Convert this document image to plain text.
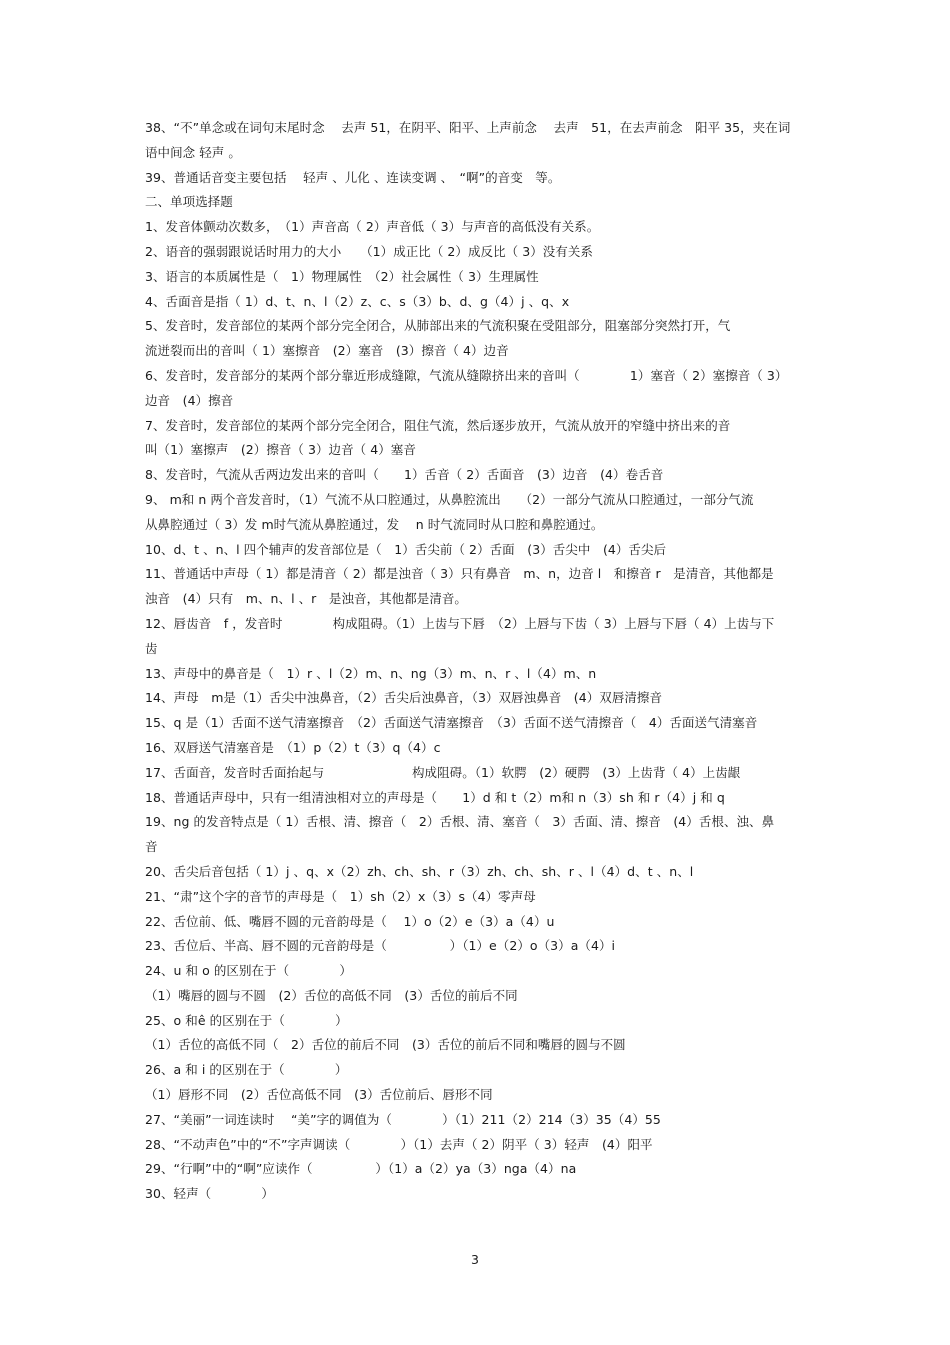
38、“不”单念或在词句末尾时念　 去声 51，在阴平、阳平、上声前念　 去声　51，在去声前念　阳平 35，夹在词
语中间念 轻声 。
39、普通话音变主要包括　 轻声 、儿化 、连读变调 、　“啊”的音变　等。
二、单项选择题
1、发音体颤动次数多，　（1）声音高（ 2）声音低（ 3）与声音的高低没有关系。
2、语音的强弱跟说话时用力的大小　　（1）成正比（ 2）成反比（ 3）没有关系
3、语言的本质属性是（　1）物理属性　（2）社会属性（ 3）生理属性
4、舌面音是指（ 1）d、t、n、l（2）z、c、s（3）b、d、g（4）j 、q、x
5、发音时，发音部位的某两个部分完全闭合，从肺部出来的气流积聚在受阻部分，阻塞部分突然打开，气
流迸裂而出的音叫（ 1）塞擦音　(2）塞音　(3）擦音（ 4）边音
6、发音时，发音部分的某两个部分靠近形成缝隙，气流从缝隙挤出来的音叫（　　　　1）塞音（ 2）塞擦音（ 3）
边音　(4）擦音
7、发音时，发音部位的某两个部分完全闭合，阻住气流，然后逐步放开，气流从放开的窄缝中挤出来的音
叫（1）塞擦声　(2）擦音（ 3）边音（ 4）塞音
8、发音时，气流从舌两边发出来的音叫（　　1）舌音（ 2）舌面音　(3）边音　(4）卷舌音
9、 m和 n 两个音发音时，（1）气流不从口腔通过，从鼻腔流出　　（2）一部分气流从口腔通过，一部分气流
从鼻腔通过（ 3）发 m时气流从鼻腔通过，发　 n 时气流同时从口腔和鼻腔通过。
10、d、t 、n、l 四个辅声的发音部位是（　1）舌尖前（ 2）舌面　(3）舌尖中　(4）舌尖后
11、普通话中声母（ 1）都是清音（ 2）都是浊音（ 3）只有鼻音　m、n，边音 l　和擦音 r　是清音，其他都是
浊音　(4）只有　m、n、l 、r　是浊音，其他都是清音。
12、唇齿音　f ，发音时　　　　构成阻碍。（1）上齿与下唇　（2）上唇与下齿（ 3）上唇与下唇（ 4）上齿与下
齿
13、声母中的鼻音是（　1）r 、l（2）m、n、ng（3）m、n、r 、l（4）m、n
14、声母　m是（1）舌尖中浊鼻音，（2）舌尖后浊鼻音，（3）双唇浊鼻音　(4）双唇清擦音
15、q 是（1）舌面不送气清塞擦音　（2）舌面送气清塞擦音　（3）舌面不送气清擦音（　4）舌面送气清塞音
16、双唇送气清塞音是　（1）p（2）t（3）q（4）c
17、舌面音，发音时舌面抬起与　　　　　　　构成阻碍。（1）软腭　(2）硬腭　(3）上齿背（ 4）上齿龈
18、普通话声母中，只有一组清浊相对立的声母是（　　1）d 和 t（2）m和 n（3）sh 和 r（4）j 和 q
19、ng 的发音特点是（ 1）舌根、清、擦音（　2）舌根、清、塞音（　3）舌面、清、擦音　(4）舌根、浊、鼻
音
20、舌尖后音包括（ 1）j 、q、x（2）zh、ch、sh、r（3）zh、ch、sh、r 、l（4）d、t 、n、l
21、“肃”这个字的音节的声母是（　1）sh（2）x（3）s（4）零声母
22、舌位前、低、嘴唇不圆的元音韵母是（　 1）o（2）e（3）a（4）u
23、舌位后、半高、唇不圆的元音韵母是（　　　　　）（1）e（2）o（3）a（4）i
24、u 和 o 的区别在于（　　　　）
（1）嘴唇的圆与不圆　(2）舌位的高低不同　(3）舌位的前后不同
25、o 和ê 的区别在于（　　　　）
（1）舌位的高低不同（　2）舌位的前后不同　(3）舌位的前后不同和嘴唇的圆与不圆
26、a 和 i 的区别在于（　　　　）
（1）唇形不同　(2）舌位高低不同　(3）舌位前后、唇形不同
27、“美丽”一词连读时　 “美”字的调值为（　　　　）（1）211（2）214（3）35（4）55
28、“不动声色”中的“不”字声调读（　　　　）（1）去声（ 2）阴平（ 3）轻声　(4）阳平
29、“行啊”中的“啊”应读作（　　　　　）（1）a（2）ya（3）nga（4）na
30、轻声（　　　　）
3
